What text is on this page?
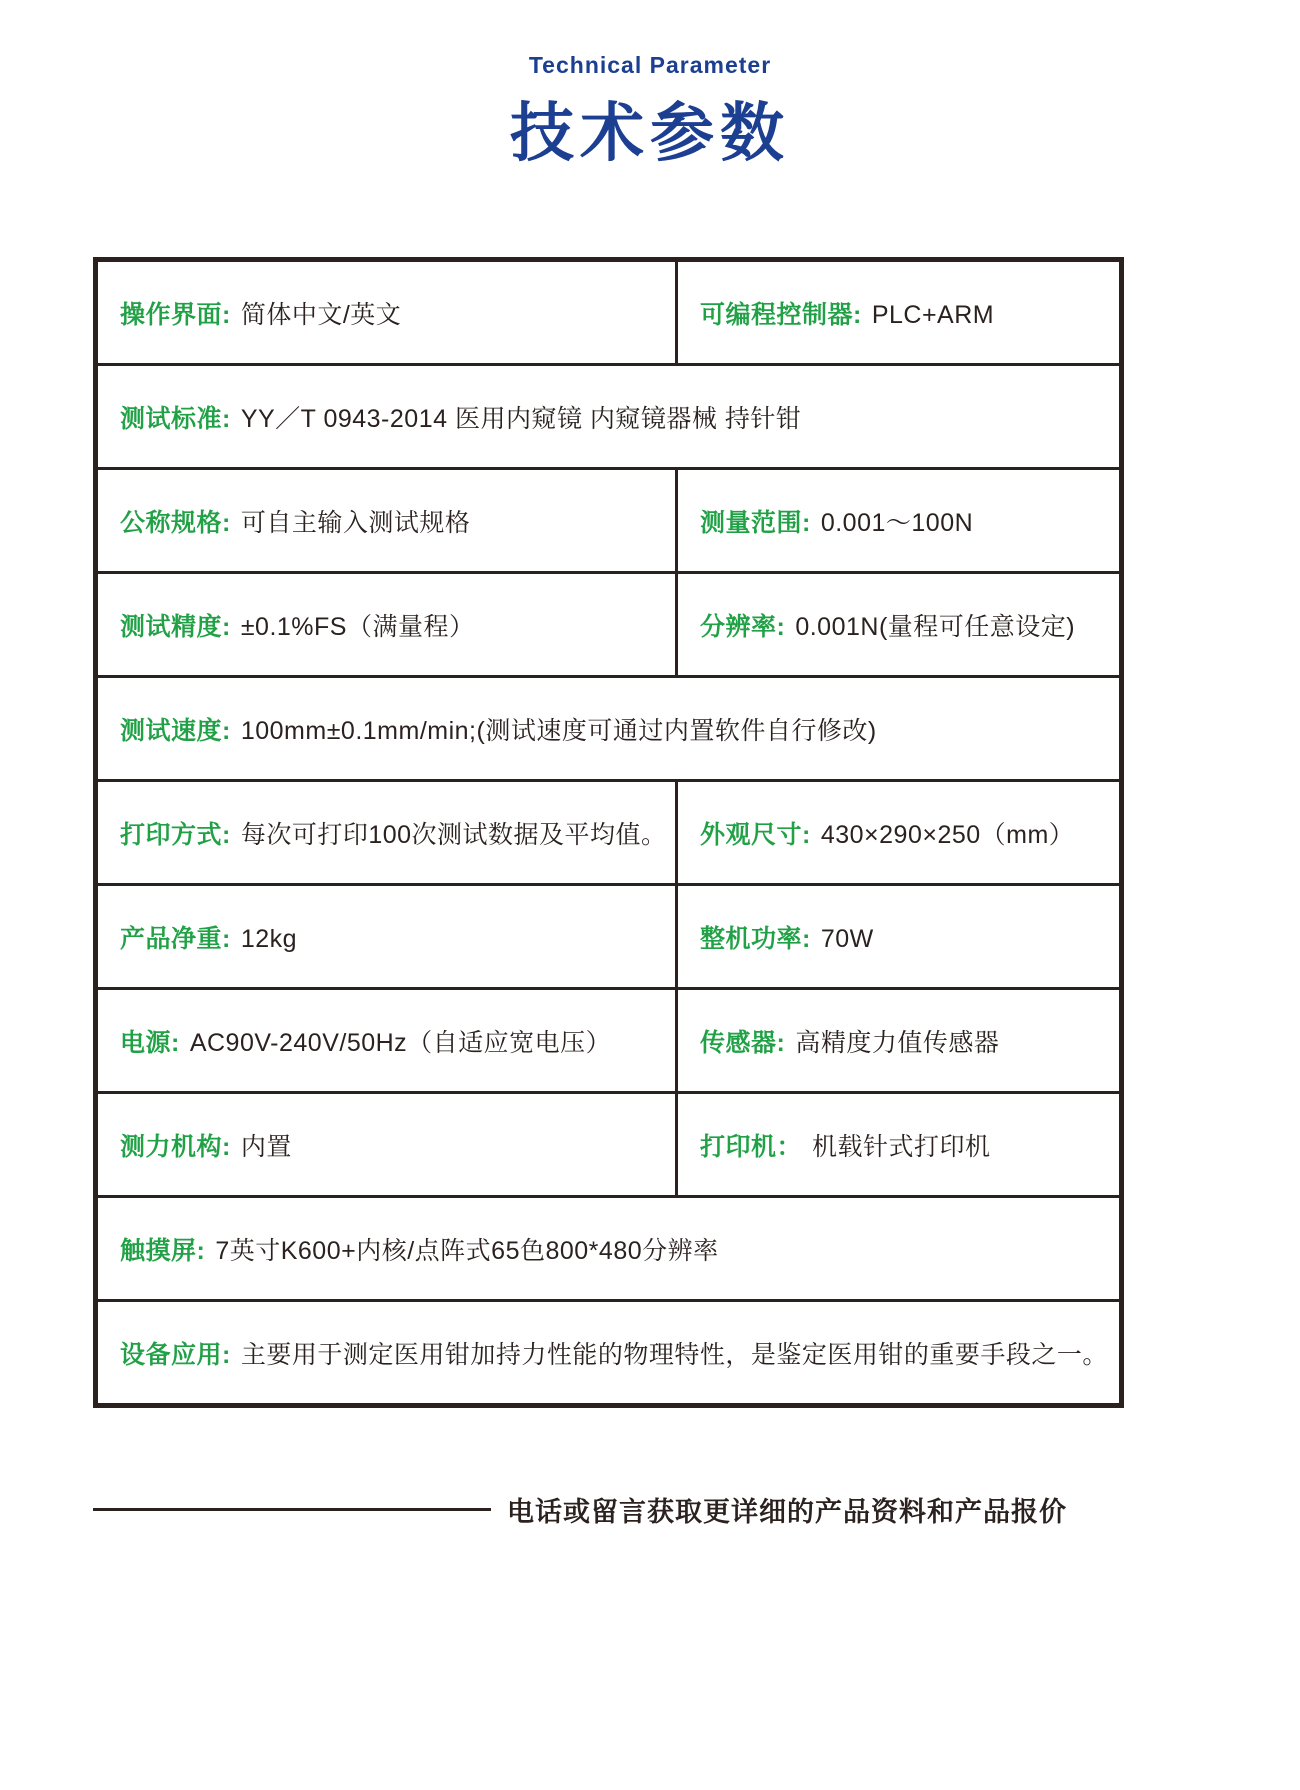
Technical Parameter
技术参数
操作界面: 简体中文/英文	可编程控制器: PLC+ARM
测试标准: YY／T 0943-2014 医用内窥镜 内窥镜器械 持针钳	
公称规格: 可自主输入测试规格	测量范围: 0.001～100N
测试精度: ±0.1%FS（满量程）	分辨率: 0.001N(量程可任意设定)
测试速度: 100mm±0.1mm/min;(测试速度可通过内置软件自行修改)	
打印方式: 每次可打印100次测试数据及平均值。	外观尺寸: 430×290×250（mm）
产品净重: 12kg	整机功率: 70W
电源: AC90V-240V/50Hz（自适应宽电压）	传感器: 高精度力值传感器
测力机构: 内置	打印机： 机载针式打印机
触摸屏: 7英寸K600+内核/点阵式65色800*480分辨率	
设备应用: 主要用于测定医用钳加持力性能的物理特性，是鉴定医用钳的重要手段之一。	
电话或留言获取更详细的产品资料和产品报价
